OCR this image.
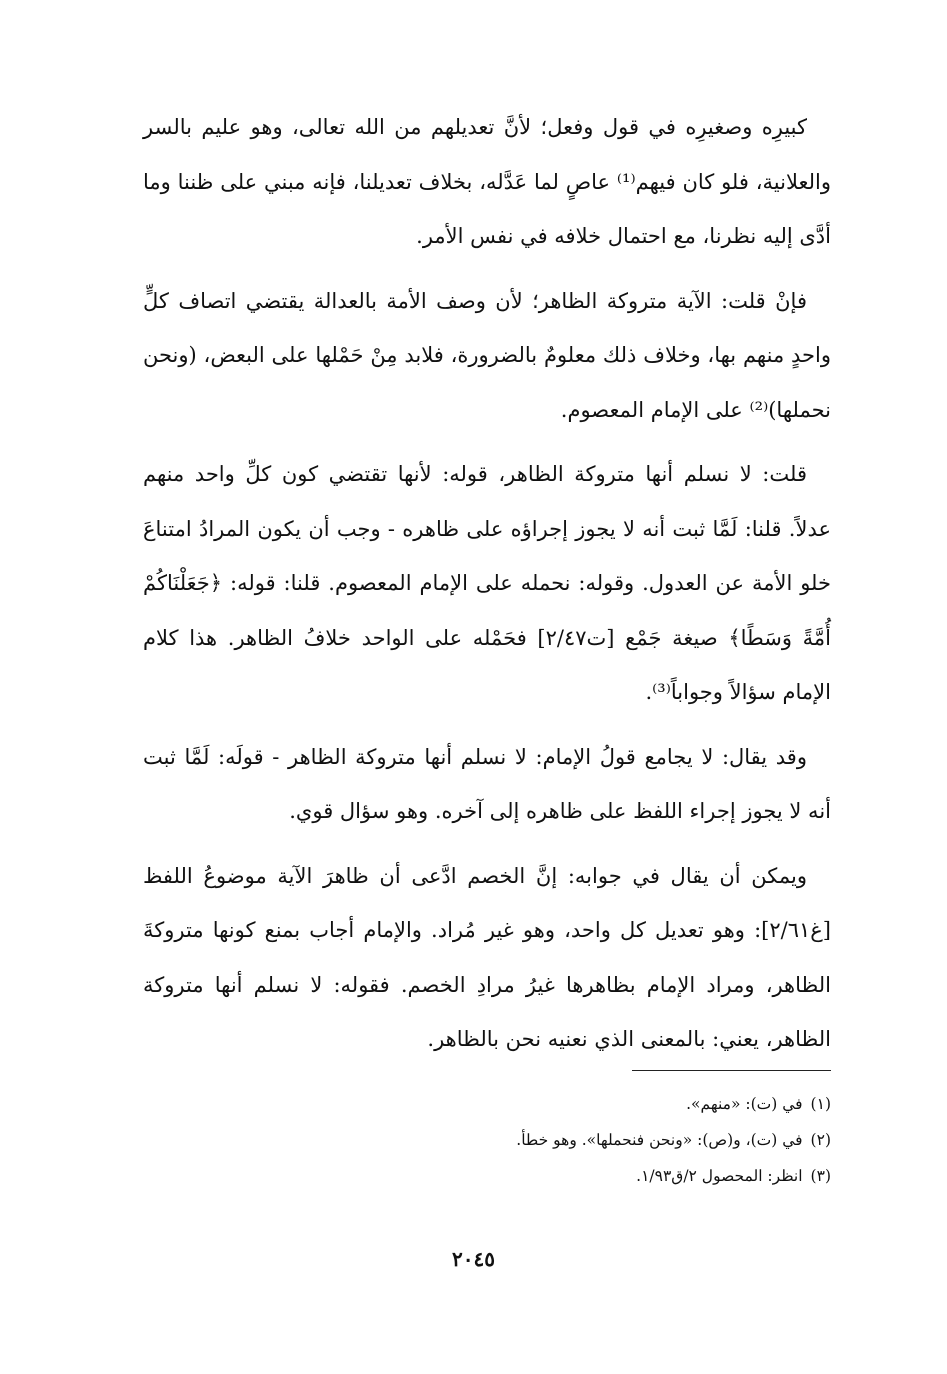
كبيرِه وصغيرِه في قول وفعل؛ لأنَّ تعديلهم من الله تعالى، وهو عليم بالسر والعلانية، فلو كان فيهم⁽¹⁾ عاصٍ لما عَدَّله، بخلاف تعديلنا، فإنه مبني على ظننا وما أدَّى إليه نظرنا، مع احتمال خلافه في نفس الأمر.

فإنْ قلت: الآية متروكة الظاهر؛ لأن وصف الأمة بالعدالة يقتضي اتصاف كلٍّ واحدٍ منهم بها، وخلاف ذلك معلومٌ بالضرورة، فلابد مِنْ حَمْلها على البعض، (ونحن نحملها)⁽²⁾ على الإمام المعصوم.

قلت: لا نسلم أنها متروكة الظاهر، قوله: لأنها تقتضي كون كلِّ واحد منهم عدلاً. قلنا: لَمَّا ثبت أنه لا يجوز إجراؤه على ظاهره - وجب أن يكون المرادُ امتناعَ خلو الأمة عن العدول. وقوله: نحمله على الإمام المعصوم. قلنا: قوله: ﴿جَعَلْنَاكُمْ أُمَّةً وَسَطًا﴾ صيغة جَمْع [ت٢/٤٧] فحَمْله على الواحد خلافُ الظاهر. هذا كلام الإمام سؤالاً وجواباً⁽³⁾.

وقد يقال: لا يجامع قولُ الإمام: لا نسلم أنها متروكة الظاهر - قولَه: لَمَّا ثبت أنه لا يجوز إجراء اللفظ على ظاهره إلى آخره. وهو سؤال قوي.

ويمكن أن يقال في جوابه: إنَّ الخصم ادَّعى أن ظاهرَ الآية موضوعُ اللفظ [غ٢/٦١]: وهو تعديل كل واحد، وهو غير مُراد. والإمام أجاب بمنع كونها متروكةَ الظاهر، ومراد الإمام بظاهرها غيرُ مرادِ الخصم. فقوله: لا نسلم أنها متروكة الظاهر، يعني: بالمعنى الذي نعنيه نحن بالظاهر.

(١)في (ت): «منهم».

(٢)في (ت)، و(ص): «ونحن فنحملها». وهو خطأ.

(٣)انظر: المحصول ٢/ق١/٩٣.

٢٠٤٥
